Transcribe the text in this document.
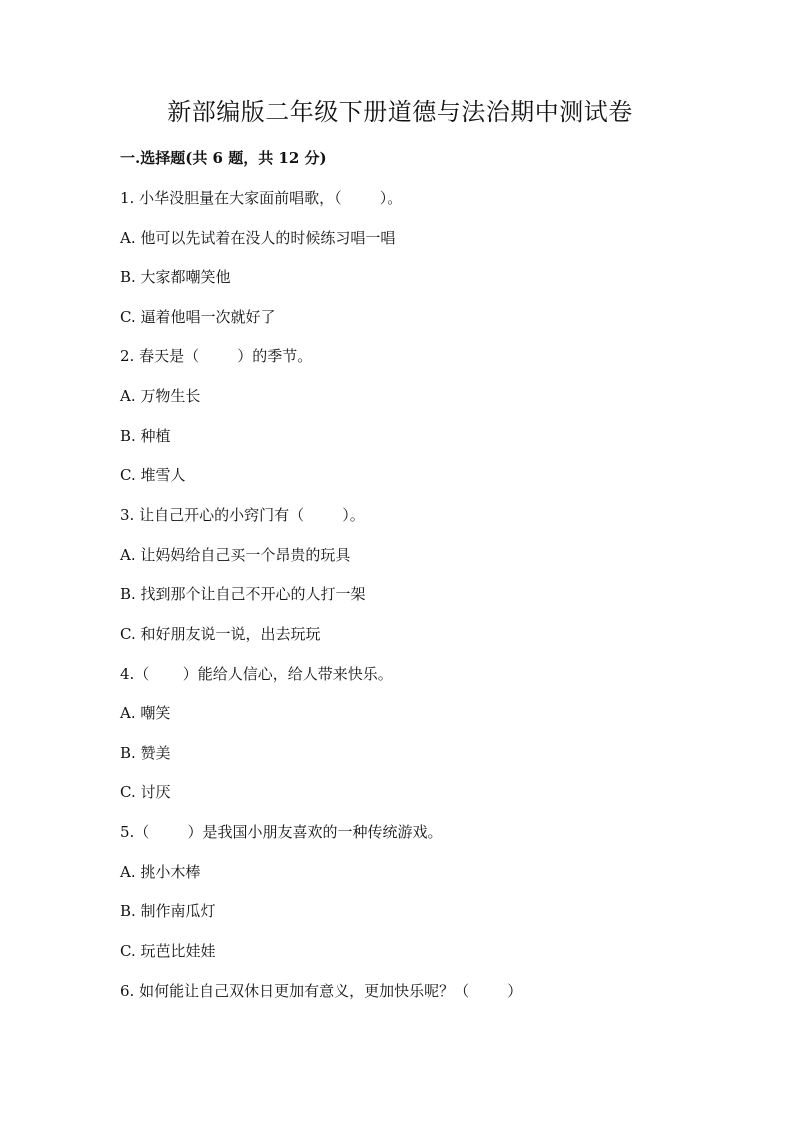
新部编版二年级下册道德与法治期中测试卷
一.选择题(共 6 题，共 12 分)
1. 小华没胆量在大家面前唱歌，（        ）。
A. 他可以先试着在没人的时候练习唱一唱
B. 大家都嘲笑他
C. 逼着他唱一次就好了
2. 春天是（        ）的季节。
A. 万物生长
B. 种植
C. 堆雪人
3. 让自己开心的小窍门有（        ）。
A. 让妈妈给自己买一个昂贵的玩具
B. 找到那个让自己不开心的人打一架
C. 和好朋友说一说，出去玩玩
4.（       ）能给人信心，给人带来快乐。
A. 嘲笑
B. 赞美
C. 讨厌
5.（        ）是我国小朋友喜欢的一种传统游戏。
A. 挑小木棒
B. 制作南瓜灯
C. 玩芭比娃娃
6. 如何能让自己双休日更加有意义，更加快乐呢？（        ）
